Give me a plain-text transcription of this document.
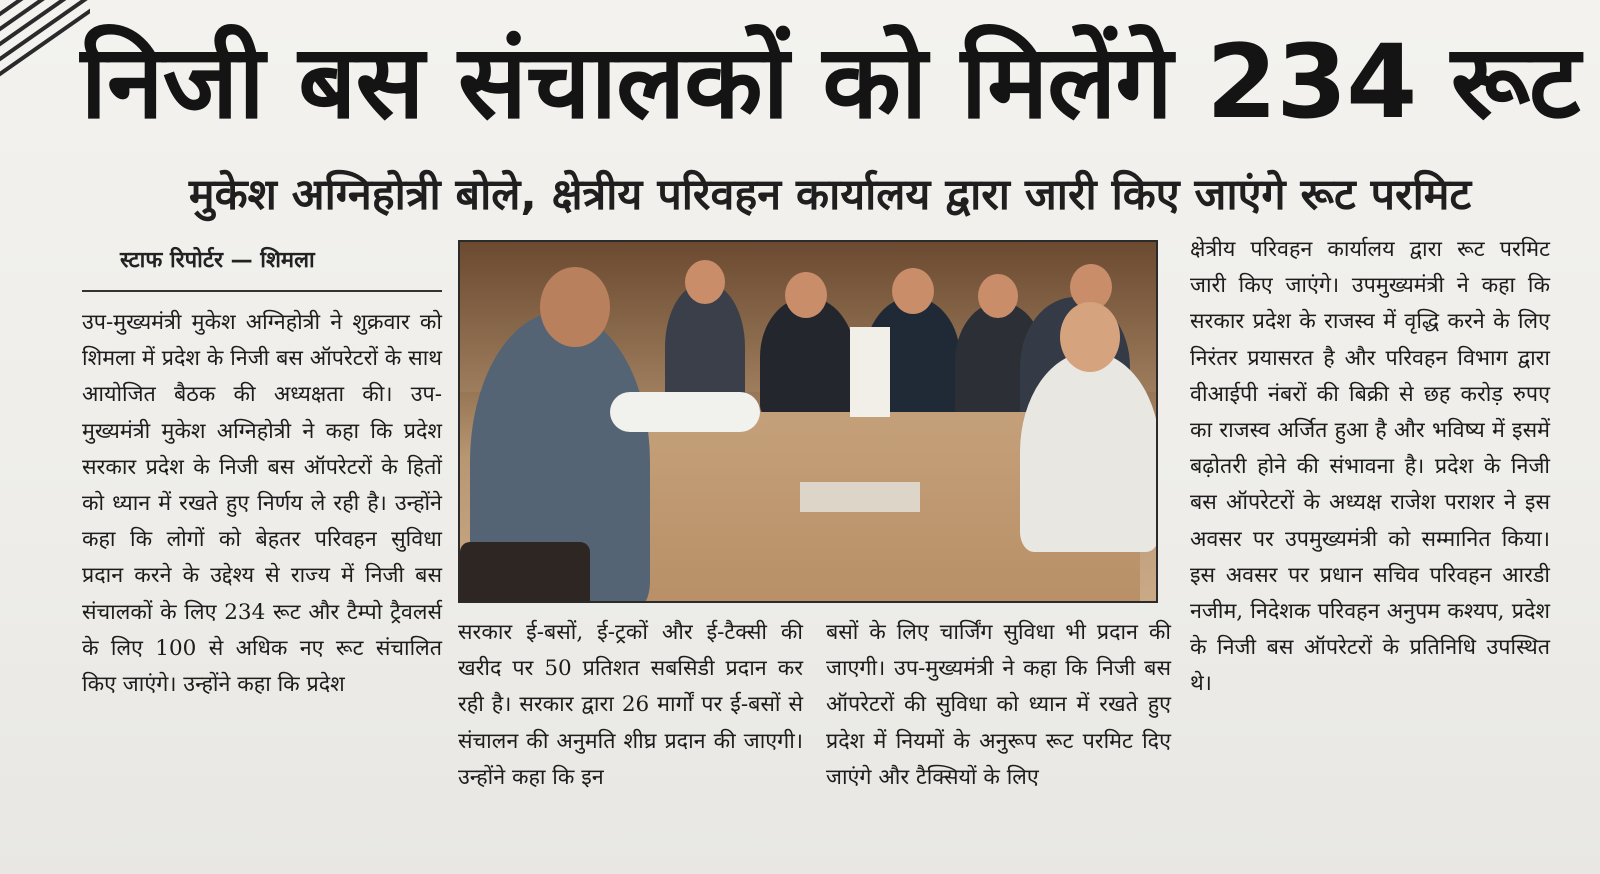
निजी बस संचालकों को मिलेंगे 234 रूट
मुकेश अग्निहोत्री बोले, क्षेत्रीय परिवहन कार्यालय द्वारा जारी किए जाएंगे रूट परमिट
स्टाफ रिपोर्टर — शिमला

उप-मुख्यमंत्री मुकेश अग्निहोत्री ने शुक्रवार को शिमला में प्रदेश के निजी बस ऑपरेटरों के साथ आयोजित बैठक की अध्यक्षता की। उप-मुख्यमंत्री मुकेश अग्निहोत्री ने कहा कि प्रदेश सरकार प्रदेश के निजी बस ऑपरेटरों के हितों को ध्यान में रखते हुए निर्णय ले रही है। उन्होंने कहा कि लोगों को बेहतर परिवहन सुविधा प्रदान करने के उद्देश्य से राज्य में निजी बस संचालकों के लिए 234 रूट और टैम्पो ट्रैवलर्स के लिए 100 से अधिक नए रूट संचालित किए जाएंगे। उन्होंने कहा कि प्रदेश

सरकार ई-बसों, ई-ट्रकों और ई-टैक्सी की खरीद पर 50 प्रतिशत सबसिडी प्रदान कर रही है। सरकार द्वारा 26 मार्गों पर ई-बसों से संचालन की अनुमति शीघ्र प्रदान की जाएगी। उन्होंने कहा कि इन

बसों के लिए चार्जिंग सुविधा भी प्रदान की जाएगी। उप-मुख्यमंत्री ने कहा कि निजी बस ऑपरेटरों की सुविधा को ध्यान में रखते हुए प्रदेश में नियमों के अनुरूप रूट परमिट दिए जाएंगे और टैक्सियों के लिए

क्षेत्रीय परिवहन कार्यालय द्वारा रूट परमिट जारी किए जाएंगे। उपमुख्यमंत्री ने कहा कि सरकार प्रदेश के राजस्व में वृद्धि करने के लिए निरंतर प्रयासरत है और परिवहन विभाग द्वारा वीआईपी नंबरों की बिक्री से छह करोड़ रुपए का राजस्व अर्जित हुआ है और भविष्य में इसमें बढ़ोतरी होने की संभावना है। प्रदेश के निजी बस ऑपरेटरों के अध्यक्ष राजेश पराशर ने इस अवसर पर उपमुख्यमंत्री को सम्मानित किया। इस अवसर पर प्रधान सचिव परिवहन आरडी नजीम, निदेशक परिवहन अनुपम कश्यप, प्रदेश के निजी बस ऑपरेटरों के प्रतिनिधि उपस्थित थे।
